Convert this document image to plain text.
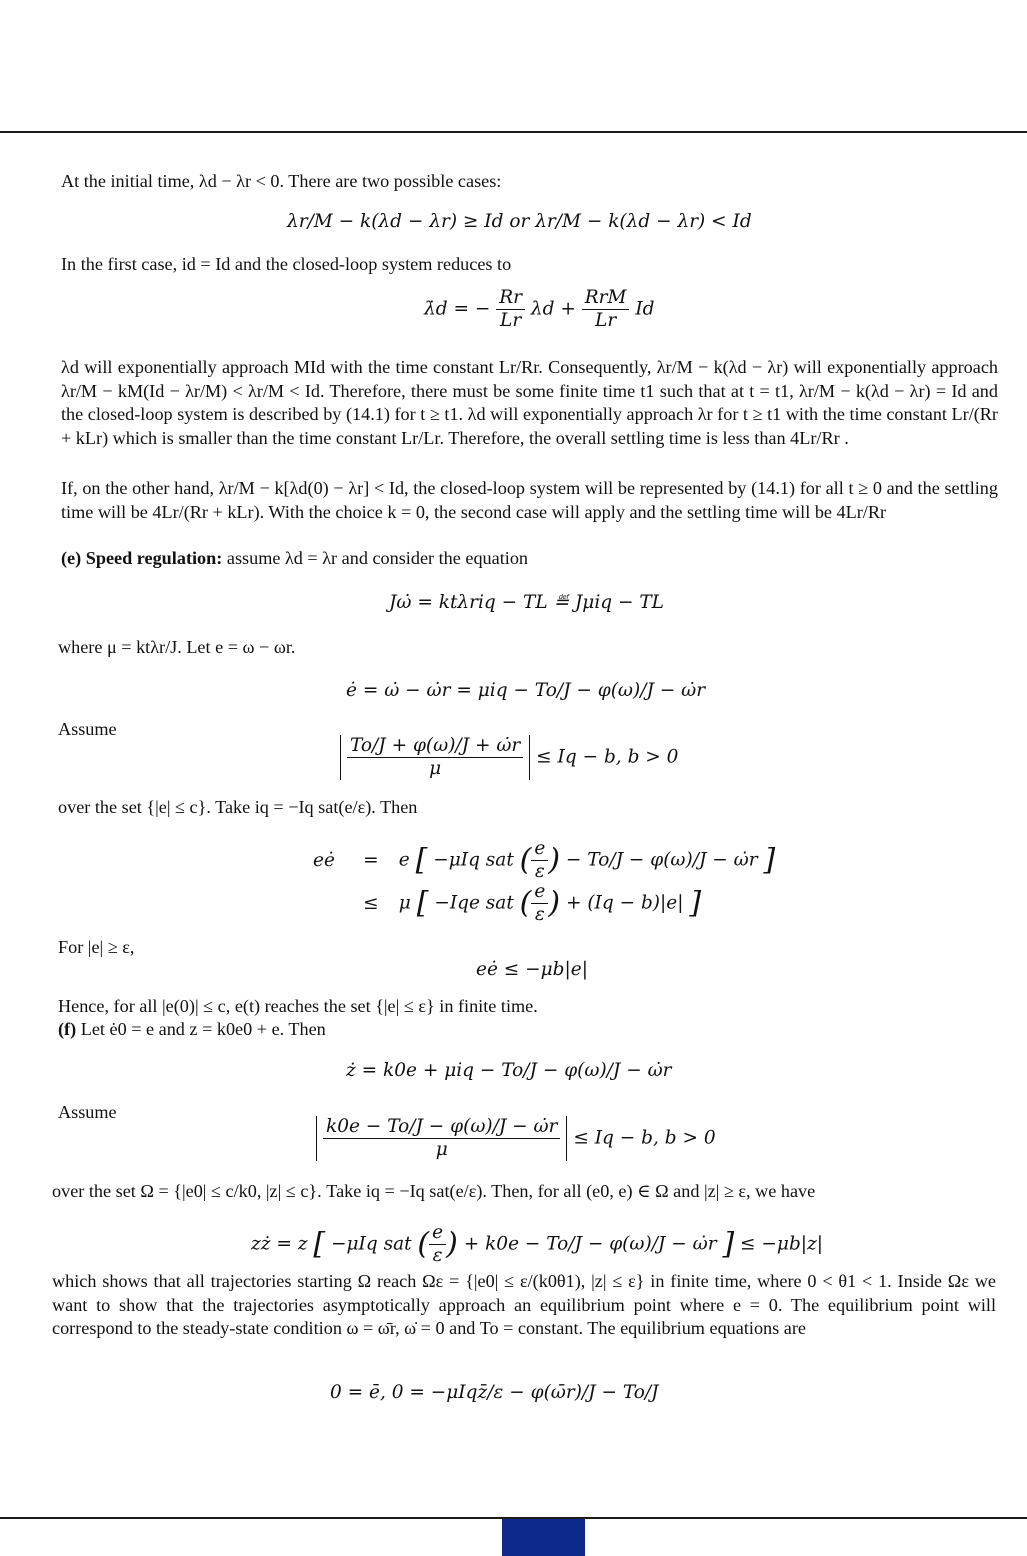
At the initial time, λd − λr < 0. There are two possible cases:

λr/M − k(λd − λr) ≥ Id or λr/M − k(λd − λr) < Id

In the first case, id = Id and the closed-loop system reduces to

λ̇d = − $\frac{Rr}{Lr}$ $\lambda d + \frac{\text{RrM}}{Lr}$ Id

λd will exponentially approach MId with the time constant Lr/Rr. Consequently, λr/M − k(λd − λr) will exponentially approach λr/M − kM(Id − λr/M) < λr/M < Id. Therefore, there must be some finite time t1 such that at t = t1, λr/M − k(λd − λr) = Id and the closed-loop system is described by (14.1) for t ≥ t1. λd will exponentially approach λr for t ≥ t1 with the time constant Lr/(Rr + kLr) which is smaller than the time constant Lr/Lr. Therefore, the overall settling time is less than 4Lr/Rr .

If, on the other hand, λr/M − k[λd(0) − λr] < Id, the closed-loop system will be represented by (14.1) for all t ≥ 0 and the settling time will be 4Lr/(Rr + kLr). With the choice k = 0, the second case will apply and the settling time will be 4Lr/Rr

(e) Speed regulation: assume λd = λr and consider the equation

Jω̇ = ktλriq − TL ≝ Jμiq − TL

where μ = ktλr/J. Let e = ω − ωr.

ė = ω̇ − ω̇r = μiq − To/J − φ(ω)/J − ω̇r

Assume

$\frac{To/J + \varphi(\omega)/J + \omegȧr}{\mu} \le Iq - b$, b > 0

over the set {|e| ≤ c}. Take iq = −Iq sat(e/ε). Then

eė = e [ −μIq sat ( $\frac{e}{\varepsilon}$ ) − To/J − φ(ω)/J − ω̇r ]
≤ μ [ −Iqe sat ( $\frac{e}{\varepsilon}$ ) + (Iq − b)|e| ]

For |e| ≥ ε,

eė ≤ −μb|e|

Hence, for all |e(0)| ≤ c, e(t) reaches the set {|e| ≤ ε} in finite time.

(f) Let ė0 = e and z = k0e0 + e. Then

ż = k0e + μiq − To/J − φ(ω)/J − ω̇r

Assume

$\frac{k0e - To/J - \varphi(\omega)/J - \omegȧr}{\mu} \le Iq - b$, b > 0

over the set Ω = {|e0| ≤ c/k0, |z| ≤ c}. Take iq = −Iq sat(e/ε). Then, for all (e0, e) ∈ Ω and |z| ≥ ε, we have

zż = z [ −μIq sat ( $\frac{e}{\varepsilon}$ ) + k0e − To/J − φ(ω)/J − ω̇r ] ≤ −μb|z|

which shows that all trajectories starting Ω reach Ωε = {|e0| ≤ ε/(k0θ1), |z| ≤ ε} in finite time, where 0 < θ1 < 1. Inside Ωε we want to show that the trajectories asymptotically approach an equilibrium point where e = 0. The equilibrium point will correspond to the steady-state condition ω = ω̄r, ω̇ = 0 and To = constant. The equilibrium equations are

0 = ē, 0 = −μIqz̄/ε − φ(ω̄r)/J − To/J
